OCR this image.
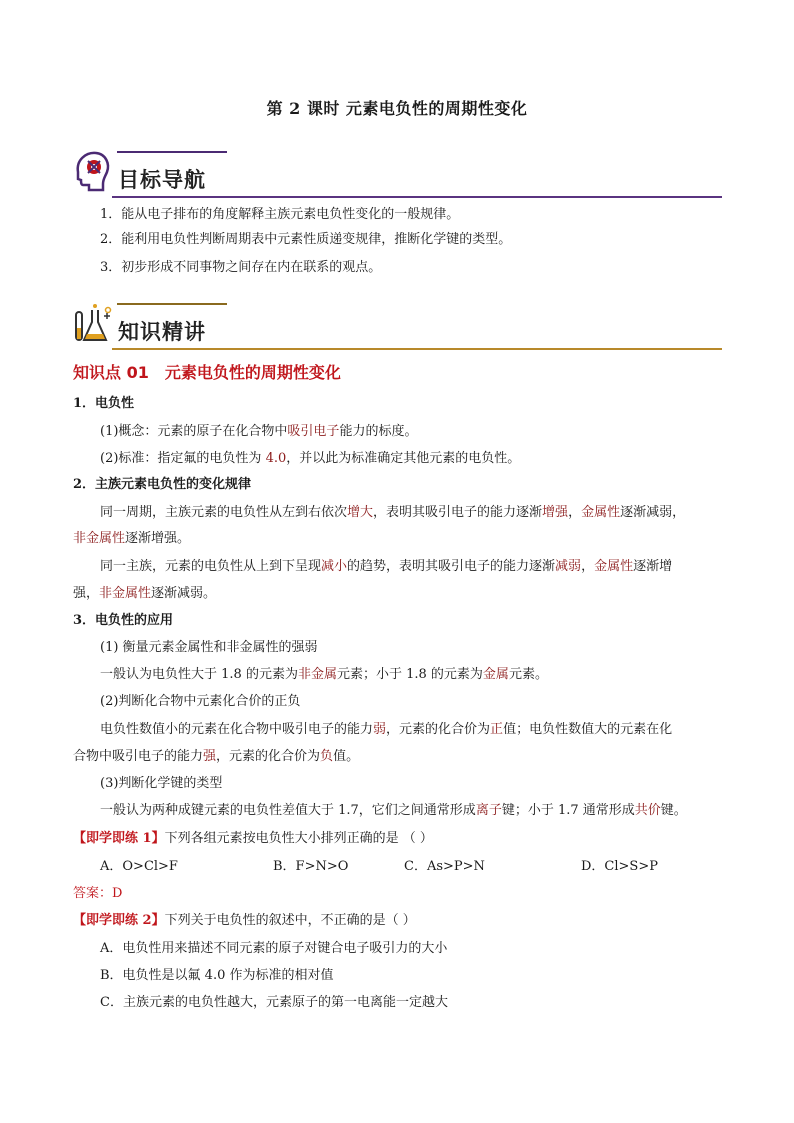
第 2 课时 元素电负性的周期性变化
目标导航
1．能从电子排布的角度解释主族元素电负性变化的一般规律。
2．能利用电负性判断周期表中元素性质递变规律，推断化学键的类型。
3．初步形成不同事物之间存在内在联系的观点。
知识精讲
知识点 01 元素电负性的周期性变化
1．电负性
(1)概念：元素的原子在化合物中吸引电子能力的标度。
(2)标准：指定氟的电负性为 4.0，并以此为标准确定其他元素的电负性。
2．主族元素电负性的变化规律
同一周期，主族元素的电负性从左到右依次增大，表明其吸引电子的能力逐渐增强，金属性逐渐减弱，
非金属性逐渐增强。
同一主族，元素的电负性从上到下呈现减小的趋势，表明其吸引电子的能力逐渐减弱，金属性逐渐增
强，非金属性逐渐减弱。
3．电负性的应用
(1) 衡量元素金属性和非金属性的强弱
一般认为电负性大于 1.8 的元素为非金属元素；小于 1.8 的元素为金属元素。
(2)判断化合物中元素化合价的正负
电负性数值小的元素在化合物中吸引电子的能力弱，元素的化合价为正值；电负性数值大的元素在化
合物中吸引电子的能力强，元素的化合价为负值。
(3)判断化学键的类型
一般认为两种成键元素的电负性差值大于 1.7，它们之间通常形成离子键；小于 1.7 通常形成共价键。
【即学即练 1】下列各组元素按电负性大小排列正确的是 （ ）
A．O>Cl>F	B．F>N>O	C．As>P>N	D．Cl>S>P
答案：D
【即学即练 2】下列关于电负性的叙述中，不正确的是（ ）
A．电负性用来描述不同元素的原子对键合电子吸引力的大小
B．电负性是以氟 4.0 作为标准的相对值
C．主族元素的电负性越大，元素原子的第一电离能一定越大
